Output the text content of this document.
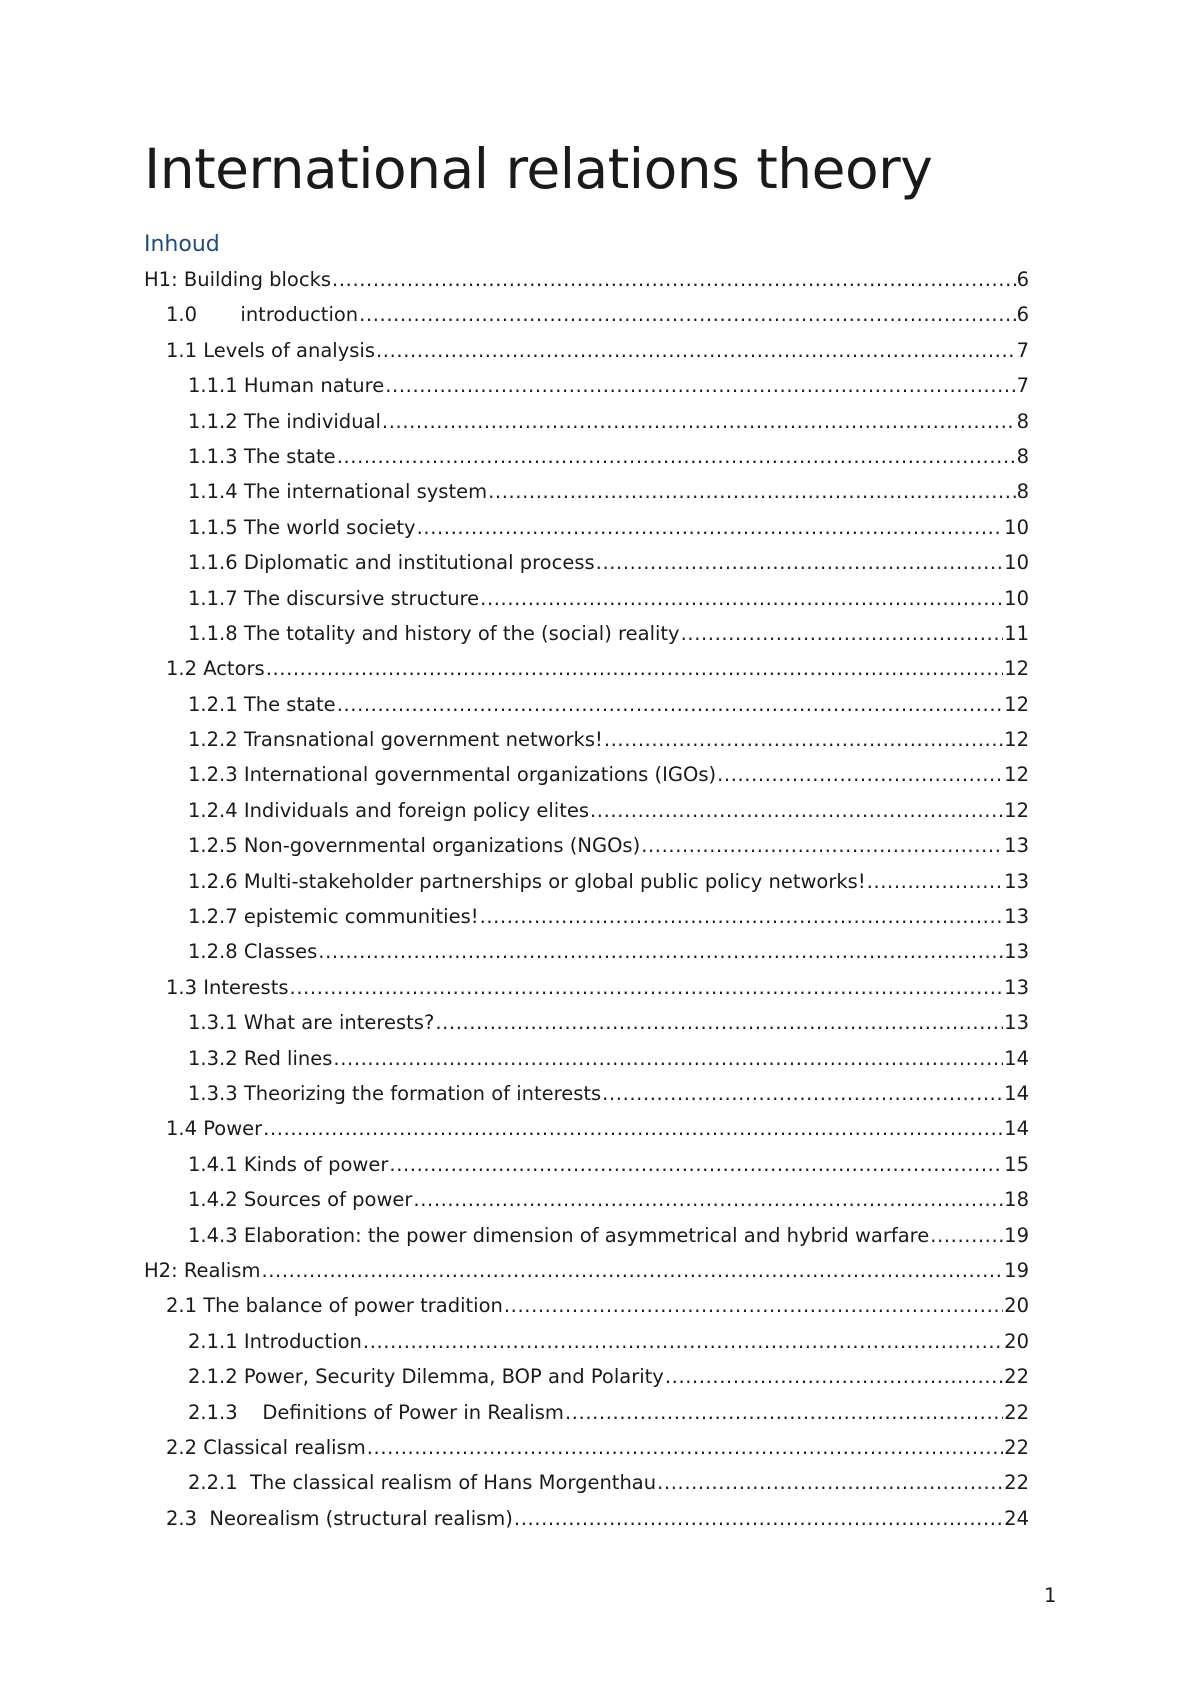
International relations theory
Inhoud
H1: Building blocks .....	6
1.0       introduction .....	6
1.1 Levels of analysis .....	7
1.1.1 Human nature .....	7
1.1.2 The individual .....	8
1.1.3 The state .....	8
1.1.4 The international system .....	8
1.1.5 The world society .....	10
1.1.6 Diplomatic and institutional process .....	10
1.1.7 The discursive structure .....	10
1.1.8 The totality and history of the (social) reality .....	11
1.2 Actors .....	12
1.2.1 The state .....	12
1.2.2 Transnational government networks! .....	12
1.2.3 International governmental organizations (IGOs) .....	12
1.2.4 Individuals and foreign policy elites .....	12
1.2.5 Non-governmental organizations (NGOs) .....	13
1.2.6 Multi-stakeholder partnerships or global public policy networks! .....	13
1.2.7 epistemic communities! .....	13
1.2.8 Classes .....	13
1.3 Interests .....	13
1.3.1 What are interests? .....	13
1.3.2 Red lines .....	14
1.3.3 Theorizing the formation of interests .....	14
1.4 Power .....	14
1.4.1 Kinds of power .....	15
1.4.2 Sources of power .....	18
1.4.3 Elaboration: the power dimension of asymmetrical and hybrid warfare .....	19
H2: Realism .....	19
2.1 The balance of power tradition .....	20
2.1.1 Introduction .....	20
2.1.2 Power, Security Dilemma, BOP and Polarity .....	22
2.1.3    Definitions of Power in Realism .....	22
2.2 Classical realism .....	22
2.2.1  The classical realism of Hans Morgenthau .....	22
2.3  Neorealism (structural realism) .....	24
1
